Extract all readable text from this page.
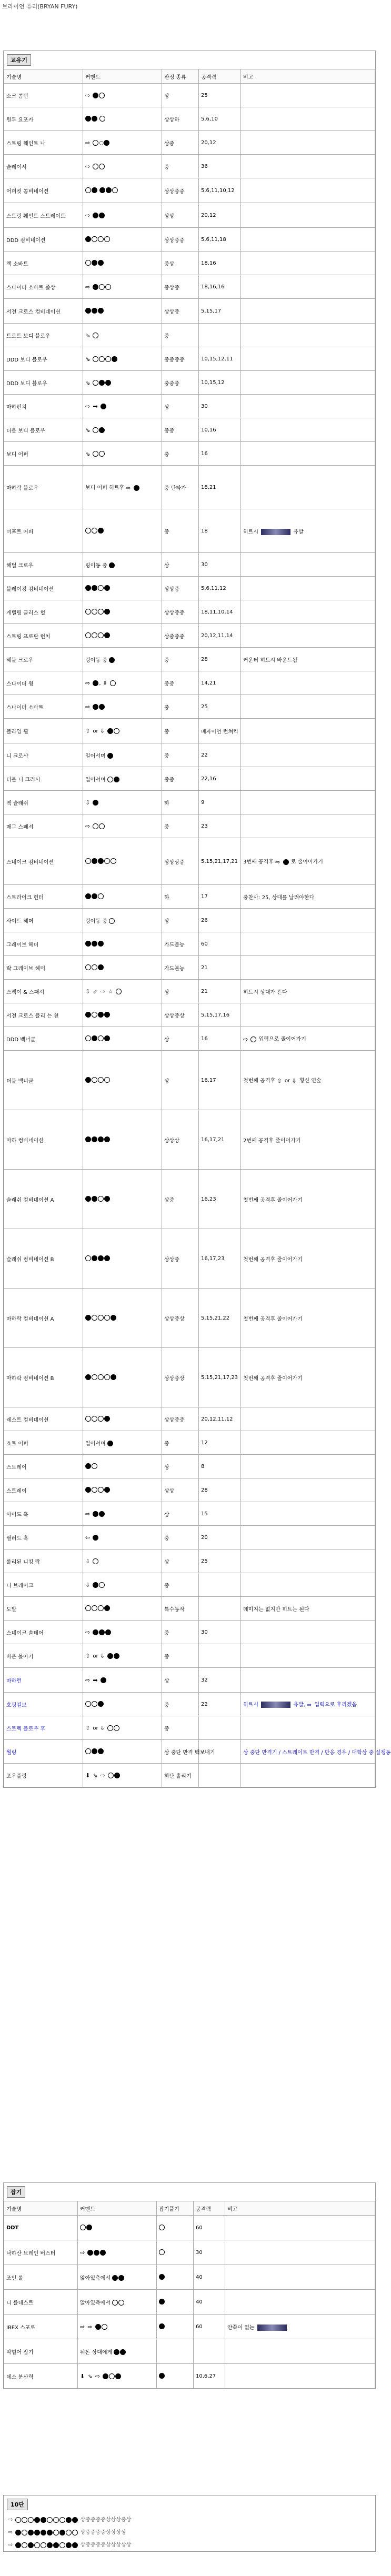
브라이언 퓨리(BRYAN FURY)
교유기
기술명	커맨드	판정 종류	공격력	비고
소크 콤빈	⇨	상	25	
원투 요포카		상상하	5,6,10	
스트링 훼인트 나	⇨ ○	상중	20,12	
슬레이서	⇨	중	36	
어퍼컷 콤비네이션		상상중중	5,6,11,10,12	
스트링 훼인트 스트레이트	⇨	상상	20,12	
DDD 컴비네이션		상상중중	5,6,11,18	
랙 소바트		중상	18,16	
스나이더 소바트 졸상	⇨	중상중	18,16,16	
서전 크로스 컴비네이션		상상중	5,15,17	
트로트 보디 블로우	⇘	중		
DDD 보디 블로우	⇘	중중중중	10,15,12,11	
DDD 보디 블로우	⇘	중중중	10,15,12	
마하펀치	⇨ ➡	상	30	
더블 보디 블로우	⇘	중중	10,16	
보디 어퍼	⇘	중	16	
마하락 블로우	보디 어퍼 히트후 ⇨	중 단타가	18,21	
미프트 어퍼		중	18	히트시 유발
해벌 크로우	링이동 중	상	30	
블레이킹 컴비네이션		상상중	5,6,11,12	
게텔링 클러스 헐		상상중중	18,11,10,14	
스트링 프로판 런치		상중중중	20,12,11,14	
헤블 크로우	링이동 중	중	28	커운터 히트시 바운드됨
스나이더 윙	⇨ , ⇩	중중	14,21	
스나이더 소바트	⇨	중	25	
플라잉 휠	⇧ or ⇩	중	배자이언 런쳐킥	
니 크로샤	일어서며	중	22	
더블 니 크러시	일어서며	중중	22,16	
백 슬래쉬	⇩	하	9	
매그 스패셔	⇨	중	23	
스네이크 컴비네이션		상상상중	5,15,21,17,21	3번째 공격후 ⇨ 로 줄이어가기
스트라이크 헌터		하	17	중찬사: 25, 상대를 날려야한다
사이드 헤머	링이동 중	상	26	
그레이브 헤머		가드불능	60	
락 그레이브 헤머		가드불능	21	
스팩이 & 스패셔	⇩ ⇙ ⇨ ☆	상	21	히트시 상대가 뜬다
서전 크로스 플리 는 쳔		상상중상	5,15,17,16	
DDD 백너클		상	16	⇨ 입력으로 줄이어가기
더블 백너클		상	16,17	첫번째 공격후 ⇧ or ⇩ 횡신 연술
마하 컴비네이션		상상상	16,17,21	2번째 공격후 줄이어가기
슬래쉬 컴비네이션 A		상중	16,23	첫번째 공격후 줄이어가기
슬래쉬 컴비네이션 B		상상중	16,17,23	첫번째 공격후 줄이어가기
마하락 컴비네이션 A		상상중상	5,15,21,22	첫번째 공격후 줄이어가기
마하락 컴비네이션 B		상상중상	5,15,21,17,23	첫번째 공격후 줄이어가기
레스트 컴비네이션		상상중중	20,12,11,12	
쇼트 어퍼	일어서며	중	12	
스트레이		상	8	
스트레이		상상	28	
사이드 훅	⇨	상	15	
필러드 훅	⇦	중	20	
롤리된 니킹 락	⇩	상	25	
니 브레이크	⇩	중		
도발		특수동작		데미지는 없지만 히트는 된다
스네이크 솔데어	⇨	중	30	
바운 몰아기	⇧ or ⇩	중		
마하런	⇨ ➡	상	32	
호핑킬보		중	22	히트시 유발, ⇨ 입력으로 후리겠음
스토렉 블로우 후	⇧ or ⇩	중		
월링		상 중단 반격 백보내기		상 중단 반격기 / 스트레이트 반격 / 반응 경우 / 대학상 중 실쟁동
포우플링	⬇ ⇘ ⇨	하단 흘리기		
잡기
기술명	커맨드	잡기풀기	공격력	비고
DDT			60	
낙하산 브레인 버스터	⇨		30	
조인 롤	앉아있측에서		40	
니 를데스트	앉아있측에서		40	
IBEX 스포로	⇨ ⇨		60	안쪽이 없는
막헐어 잡기	뒤돈 상대에게			
데스 분산력	⬇ ⇘ ⇨		10,6,27	
10단
⇨	상중중중중상상상중상
⇨	상중중중중상상상상
⇨	상중중중중상상상상상
